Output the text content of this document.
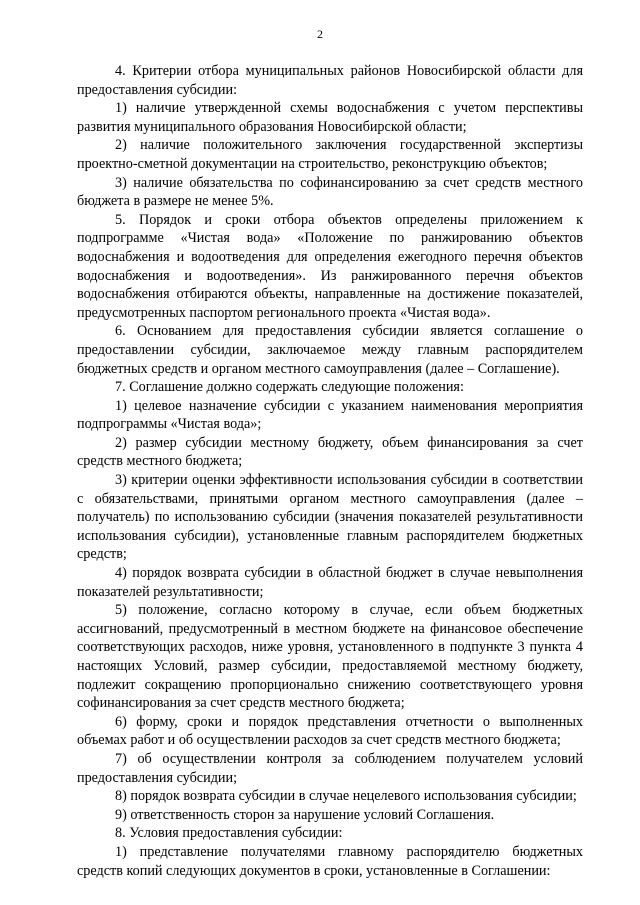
2

4. Критерии отбора муниципальных районов Новосибирской области для предоставления субсидии:

1) наличие утвержденной схемы водоснабжения с учетом перспективы развития муниципального образования Новосибирской области;

2) наличие положительного заключения государственной экспертизы проектно-сметной документации на строительство, реконструкцию объектов;

3) наличие обязательства по софинансированию за счет средств местного бюджета в размере не менее 5%.

5. Порядок и сроки отбора объектов определены приложением к подпрограмме «Чистая вода» «Положение по ранжированию объектов водоснабжения и водоотведения для определения ежегодного перечня объектов водоснабжения и водоотведения». Из ранжированного перечня объектов водоснабжения отбираются объекты, направленные на достижение показателей, предусмотренных паспортом регионального проекта «Чистая вода».

6. Основанием для предоставления субсидии является соглашение о предоставлении субсидии, заключаемое между главным распорядителем бюджетных средств и органом местного самоуправления (далее – Соглашение).

7. Соглашение должно содержать следующие положения:

1) целевое назначение субсидии с указанием наименования мероприятия подпрограммы «Чистая вода»;

2) размер субсидии местному бюджету, объем финансирования за счет средств местного бюджета;

3) критерии оценки эффективности использования субсидии в соответствии с обязательствами, принятыми органом местного самоуправления (далее – получатель) по использованию субсидии (значения показателей результативности использования субсидии), установленные главным распорядителем бюджетных средств;

4) порядок возврата субсидии в областной бюджет в случае невыполнения показателей результативности;

5) положение, согласно которому в случае, если объем бюджетных ассигнований, предусмотренный в местном бюджете на финансовое обеспечение соответствующих расходов, ниже уровня, установленного в подпункте 3 пункта 4 настоящих Условий, размер субсидии, предоставляемой местному бюджету, подлежит сокращению пропорционально снижению соответствующего уровня софинансирования за счет средств местного бюджета;

6) форму, сроки и порядок представления отчетности о выполненных объемах работ и об осуществлении расходов за счет средств местного бюджета;

7) об осуществлении контроля за соблюдением получателем условий предоставления субсидии;

8) порядок возврата субсидии в случае нецелевого использования субсидии;

9) ответственность сторон за нарушение условий Соглашения.

8. Условия предоставления субсидии:

1) представление получателями главному распорядителю бюджетных средств копий следующих документов в сроки, установленные в Соглашении:
